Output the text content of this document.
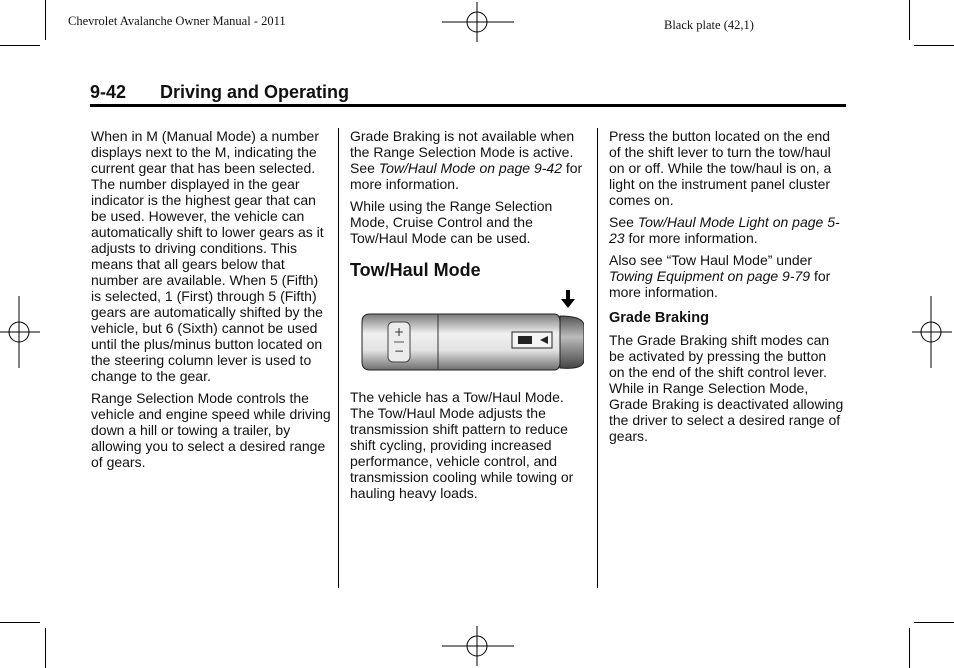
Chevrolet Avalanche Owner Manual - 2011	Black plate (42,1)
9-42 Driving and Operating

When in M (Manual Mode) a number displays next to the M, indicating the current gear that has been selected. The number displayed in the gear indicator is the highest gear that can be used. However, the vehicle can automatically shift to lower gears as it adjusts to driving conditions. This means that all gears below that number are available. When 5 (Fifth) is selected, 1 (First) through 5 (Fifth) gears are automatically shifted by the vehicle, but 6 (Sixth) cannot be used until the plus/minus button located on the steering column lever is used to change to the gear.

Range Selection Mode controls the vehicle and engine speed while driving down a hill or towing a trailer, by allowing you to select a desired range of gears.

Grade Braking is not available when the Range Selection Mode is active. See Tow/Haul Mode on page 9-42 for more information.

While using the Range Selection Mode, Cruise Control and the Tow/Haul Mode can be used.

Tow/Haul Mode
+
−

The vehicle has a Tow/Haul Mode. The Tow/Haul Mode adjusts the transmission shift pattern to reduce shift cycling, providing increased performance, vehicle control, and transmission cooling while towing or hauling heavy loads.

Press the button located on the end of the shift lever to turn the tow/haul on or off. While the tow/haul is on, a light on the instrument panel cluster comes on.

See Tow/Haul Mode Light on page 5-23 for more information.

Also see “Tow Haul Mode” under Towing Equipment on page 9-79 for more information.

Grade Braking

The Grade Braking shift modes can be activated by pressing the button on the end of the shift control lever. While in Range Selection Mode, Grade Braking is deactivated allowing the driver to select a desired range of gears.
